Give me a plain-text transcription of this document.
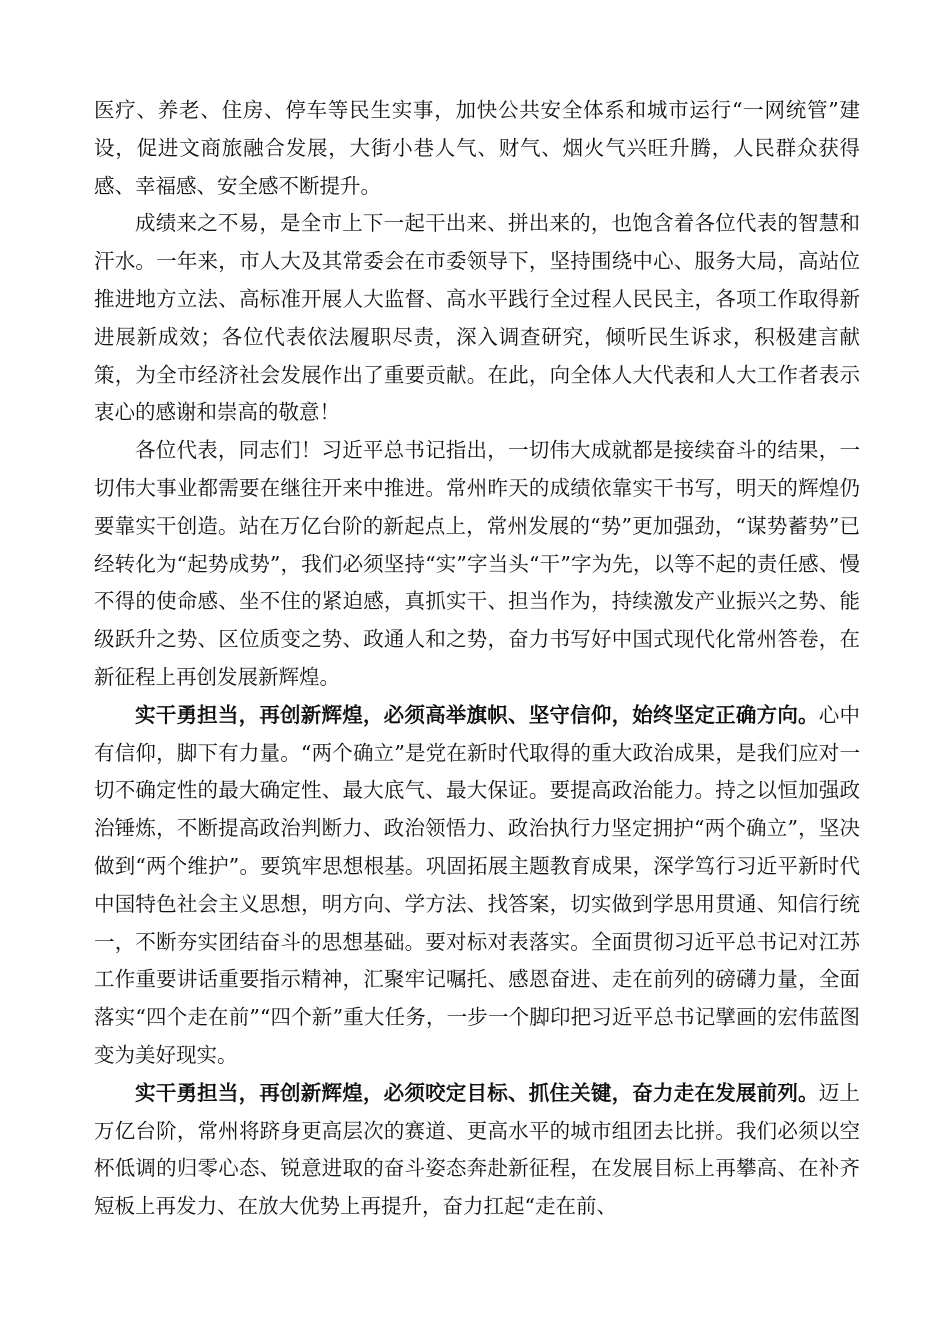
医疗、养老、住房、停车等民生实事，加快公共安全体系和城市运行“一网统管”建设，促进文商旅融合发展，大街小巷人气、财气、烟火气兴旺升腾，人民群众获得感、幸福感、安全感不断提升。

成绩来之不易，是全市上下一起干出来、拼出来的，也饱含着各位代表的智慧和汗水。一年来，市人大及其常委会在市委领导下，坚持围绕中心、服务大局，高站位推进地方立法、高标准开展人大监督、高水平践行全过程人民民主，各项工作取得新进展新成效；各位代表依法履职尽责，深入调查研究，倾听民生诉求，积极建言献策，为全市经济社会发展作出了重要贡献。在此，向全体人大代表和人大工作者表示衷心的感谢和崇高的敬意！

各位代表，同志们！习近平总书记指出，一切伟大成就都是接续奋斗的结果，一切伟大事业都需要在继往开来中推进。常州昨天的成绩依靠实干书写，明天的辉煌仍要靠实干创造。站在万亿台阶的新起点上，常州发展的“势”更加强劲，“谋势蓄势”已经转化为“起势成势”，我们必须坚持“实”字当头“干”字为先，以等不起的责任感、慢不得的使命感、坐不住的紧迫感，真抓实干、担当作为，持续激发产业振兴之势、能级跃升之势、区位质变之势、政通人和之势，奋力书写好中国式现代化常州答卷，在新征程上再创发展新辉煌。

实干勇担当，再创新辉煌，必须高举旗帜、坚守信仰，始终坚定正确方向。心中有信仰，脚下有力量。“两个确立”是党在新时代取得的重大政治成果，是我们应对一切不确定性的最大确定性、最大底气、最大保证。要提高政治能力。持之以恒加强政治锤炼，不断提高政治判断力、政治领悟力、政治执行力坚定拥护“两个确立”，坚决做到“两个维护”。要筑牢思想根基。巩固拓展主题教育成果，深学笃行习近平新时代中国特色社会主义思想，明方向、学方法、找答案，切实做到学思用贯通、知信行统一，不断夯实团结奋斗的思想基础。要对标对表落实。全面贯彻习近平总书记对江苏工作重要讲话重要指示精神，汇聚牢记嘱托、感恩奋进、走在前列的磅礴力量，全面落实“四个走在前”“四个新”重大任务，一步一个脚印把习近平总书记擘画的宏伟蓝图变为美好现实。

实干勇担当，再创新辉煌，必须咬定目标、抓住关键，奋力走在发展前列。迈上万亿台阶，常州将跻身更高层次的赛道、更高水平的城市组团去比拼。我们必须以空杯低调的归零心态、锐意进取的奋斗姿态奔赴新征程，在发展目标上再攀高、在补齐短板上再发力、在放大优势上再提升，奋力扛起“走在前、
